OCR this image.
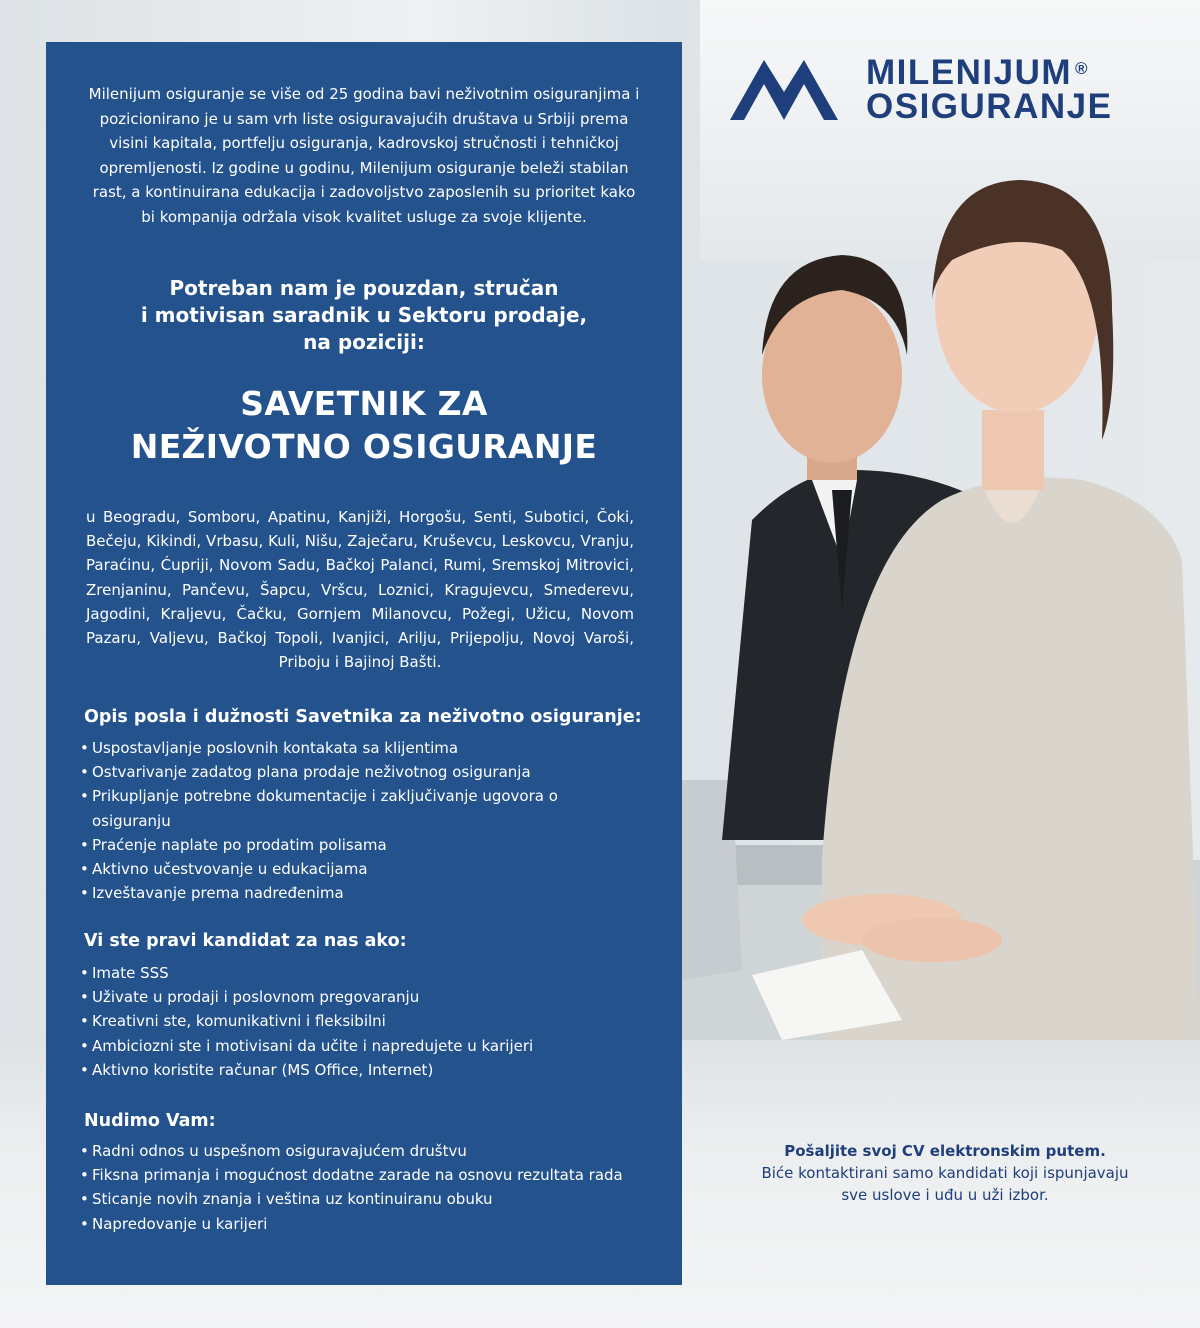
MILENIJUM ®
OSIGURANJE

Milenijum osiguranje se više od 25 godina bavi neživotnim osiguranjima i pozicionirano je u sam vrh liste osiguravajućih društava u Srbiji prema visini kapitala, portfelju osiguranja, kadrovskoj stručnosti i tehničkoj opremljenosti. Iz godine u godinu, Milenijum osiguranje beleži stabilan rast, a kontinuirana edukacija i zadovoljstvo zaposlenih su prioritet kako bi kompanija održala visok kvalitet usluge za svoje klijente.

Potreban nam je pouzdan, stručan
i motivisan saradnik u Sektoru prodaje,
na poziciji:
SAVETNIK ZA
NEŽIVOTNO OSIGURANJE

u Beogradu, Somboru, Apatinu, Kanjiži, Horgošu, Senti, Subotici, Čoki, Bečeju, Kikindi, Vrbasu, Kuli, Nišu, Zaječaru, Kruševcu, Leskovcu, Vranju, Paraćinu, Ćupriji, Novom Sadu, Bačkoj Palanci, Rumi, Sremskoj Mitrovici, Zrenjaninu, Pančevu, Šapcu, Vršcu, Loznici, Kragujevcu, Smederevu, Jagodini, Kraljevu, Čačku, Gornjem Milanovcu, Požegi, Užicu, Novom Pazaru, Valjevu, Bačkoj Topoli, Ivanjici, Arilju, Prijepolju, Novoj Varoši, Priboju i Bajinoj Bašti.

Opis posla i dužnosti Savetnika za neživotno osiguranje:
• Uspostavljanje poslovnih kontakata sa klijentima
• Ostvarivanje zadatog plana prodaje neživotnog osiguranja
• Prikupljanje potrebne dokumentacije i zaključivanje ugovora o osiguranju
• Praćenje naplate po prodatim polisama
• Aktivno učestvovanje u edukacijama
• Izveštavanje prema nadređenima
Vi ste pravi kandidat za nas ako:
• Imate SSS
• Uživate u prodaji i poslovnom pregovaranju
• Kreativni ste, komunikativni i fleksibilni
• Ambiciozni ste i motivisani da učite i napredujete u karijeri
• Aktivno koristite računar (MS Office, Internet)
Nudimo Vam:
• Radni odnos u uspešnom osiguravajućem društvu
• Fiksna primanja i mogućnost dodatne zarade na osnovu rezultata rada
• Sticanje novih znanja i veština uz kontinuiranu obuku
• Napredovanje u karijeri
Pošaljite svoj CV elektronskim putem.
Biće kontaktirani samo kandidati koji ispunjavaju
sve uslove i uđu u uži izbor.
